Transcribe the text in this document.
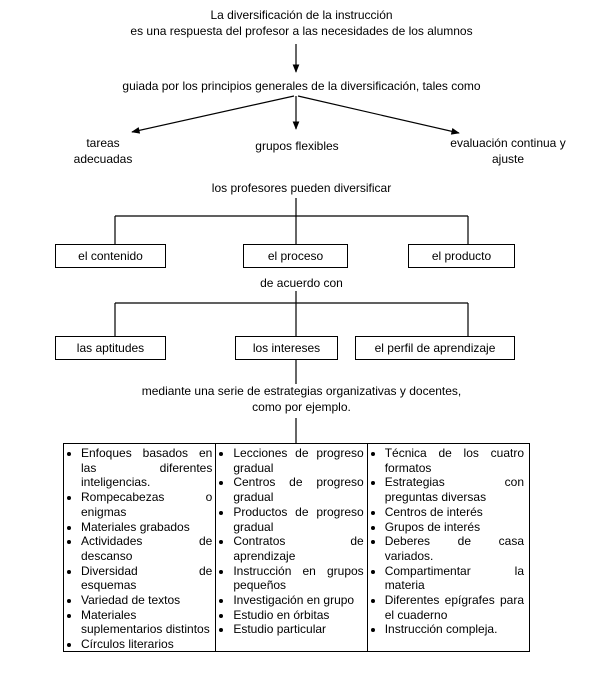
La diversificación de la instrucción
es una respuesta del profesor a las necesidades de los alumnos
guiada por los principios generales de la diversificación, tales como
tareas adecuadas
grupos flexibles	evaluación continua y ajuste
los profesores pueden diversificar
el contenido	el proceso	el producto
de acuerdo con
las aptitudes	los intereses	el perfil de aprendizaje
mediante una serie de estrategias organizativas y docentes,
como por ejemplo.
• Enfoques basados en las diferentes inteligencias.
• Rompecabezas o enigmas
• Materiales grabados
• Actividades de descanso
• Diversidad de esquemas
• Variedad de textos
• Materiales suplementarios distintos
• Círculos literarios
• Lecciones de progreso gradual
• Centros de progreso gradual
• Productos de progreso gradual
• Contratos de aprendizaje
• Instrucción en grupos pequeños
• Investigación en grupo
• Estudio en órbitas
• Estudio particular
• Técnica de los cuatro formatos
• Estrategias con preguntas diversas
• Centros de interés
• Grupos de interés
• Deberes de casa variados.
• Compartimentar la materia
• Diferentes epígrafes para el cuaderno
• Instrucción compleja.
